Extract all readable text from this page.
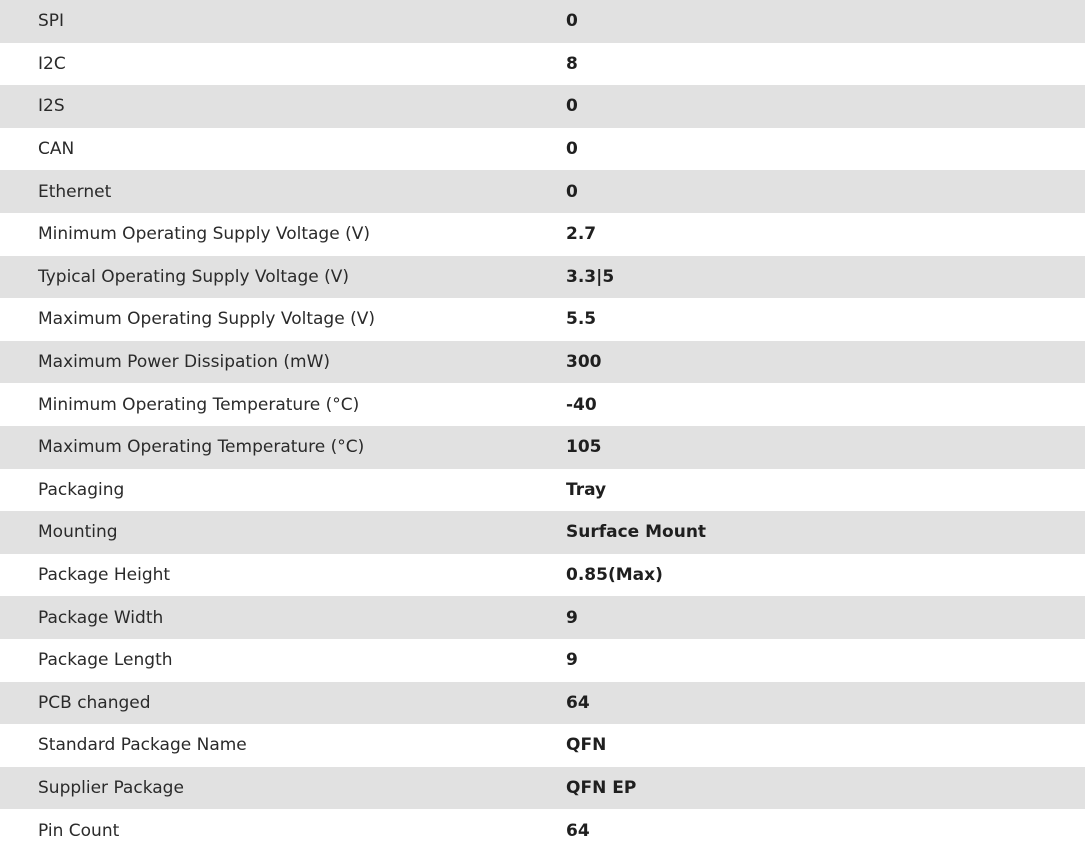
SPI	0
I2C	8
I2S	0
CAN	0
Ethernet	0
Minimum Operating Supply Voltage (V)	2.7
Typical Operating Supply Voltage (V)	3.3|5
Maximum Operating Supply Voltage (V)	5.5
Maximum Power Dissipation (mW)	300
Minimum Operating Temperature (°C)	-40
Maximum Operating Temperature (°C)	105
Packaging	Tray
Mounting	Surface Mount
Package Height	0.85(Max)
Package Width	9
Package Length	9
PCB changed	64
Standard Package Name	QFN
Supplier Package	QFN EP
Pin Count	64
